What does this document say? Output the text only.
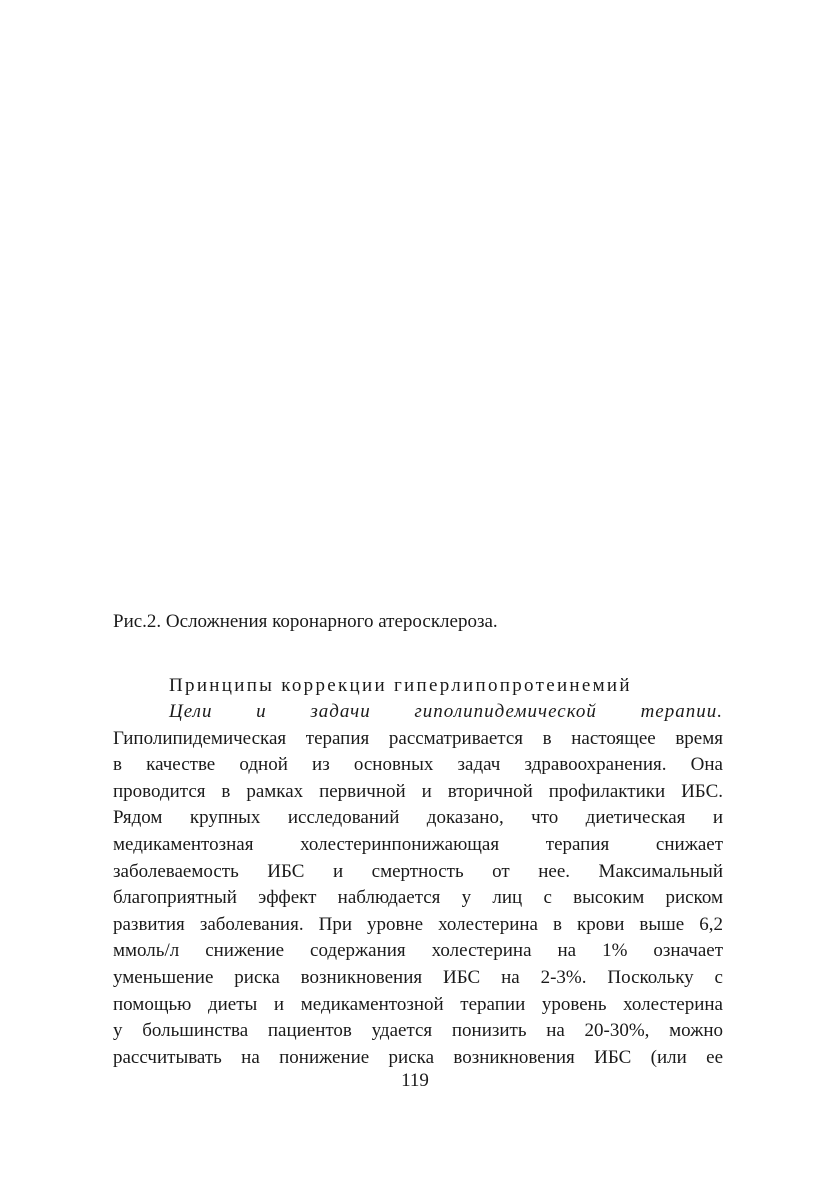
Рис.2. Осложнения коронарного атеросклероза.
Принципы коррекции гиперлипопротеинемий
Цели и задачи гиполипидемической терапии.
Гиполипидемическая терапия рассматривается в настоящее время
в качестве одной из основных задач здравоохранения. Она
проводится в рамках первичной и вторичной профилактики ИБС.
Рядом крупных исследований доказано, что диетическая и
медикаментозная холестеринпонижающая терапия снижает
заболеваемость ИБС и смертность от нее. Максимальный
благоприятный эффект наблюдается у лиц с высоким риском
развития заболевания. При уровне холестерина в крови выше 6,2
ммоль/л снижение содержания холестерина на 1% означает
уменьшение риска возникновения ИБС на 2-3%. Поскольку с
помощью диеты и медикаментозной терапии уровень холестерина
у большинства пациентов удается понизить на 20-30%, можно
рассчитывать на понижение риска возникновения ИБС (или ее
119
